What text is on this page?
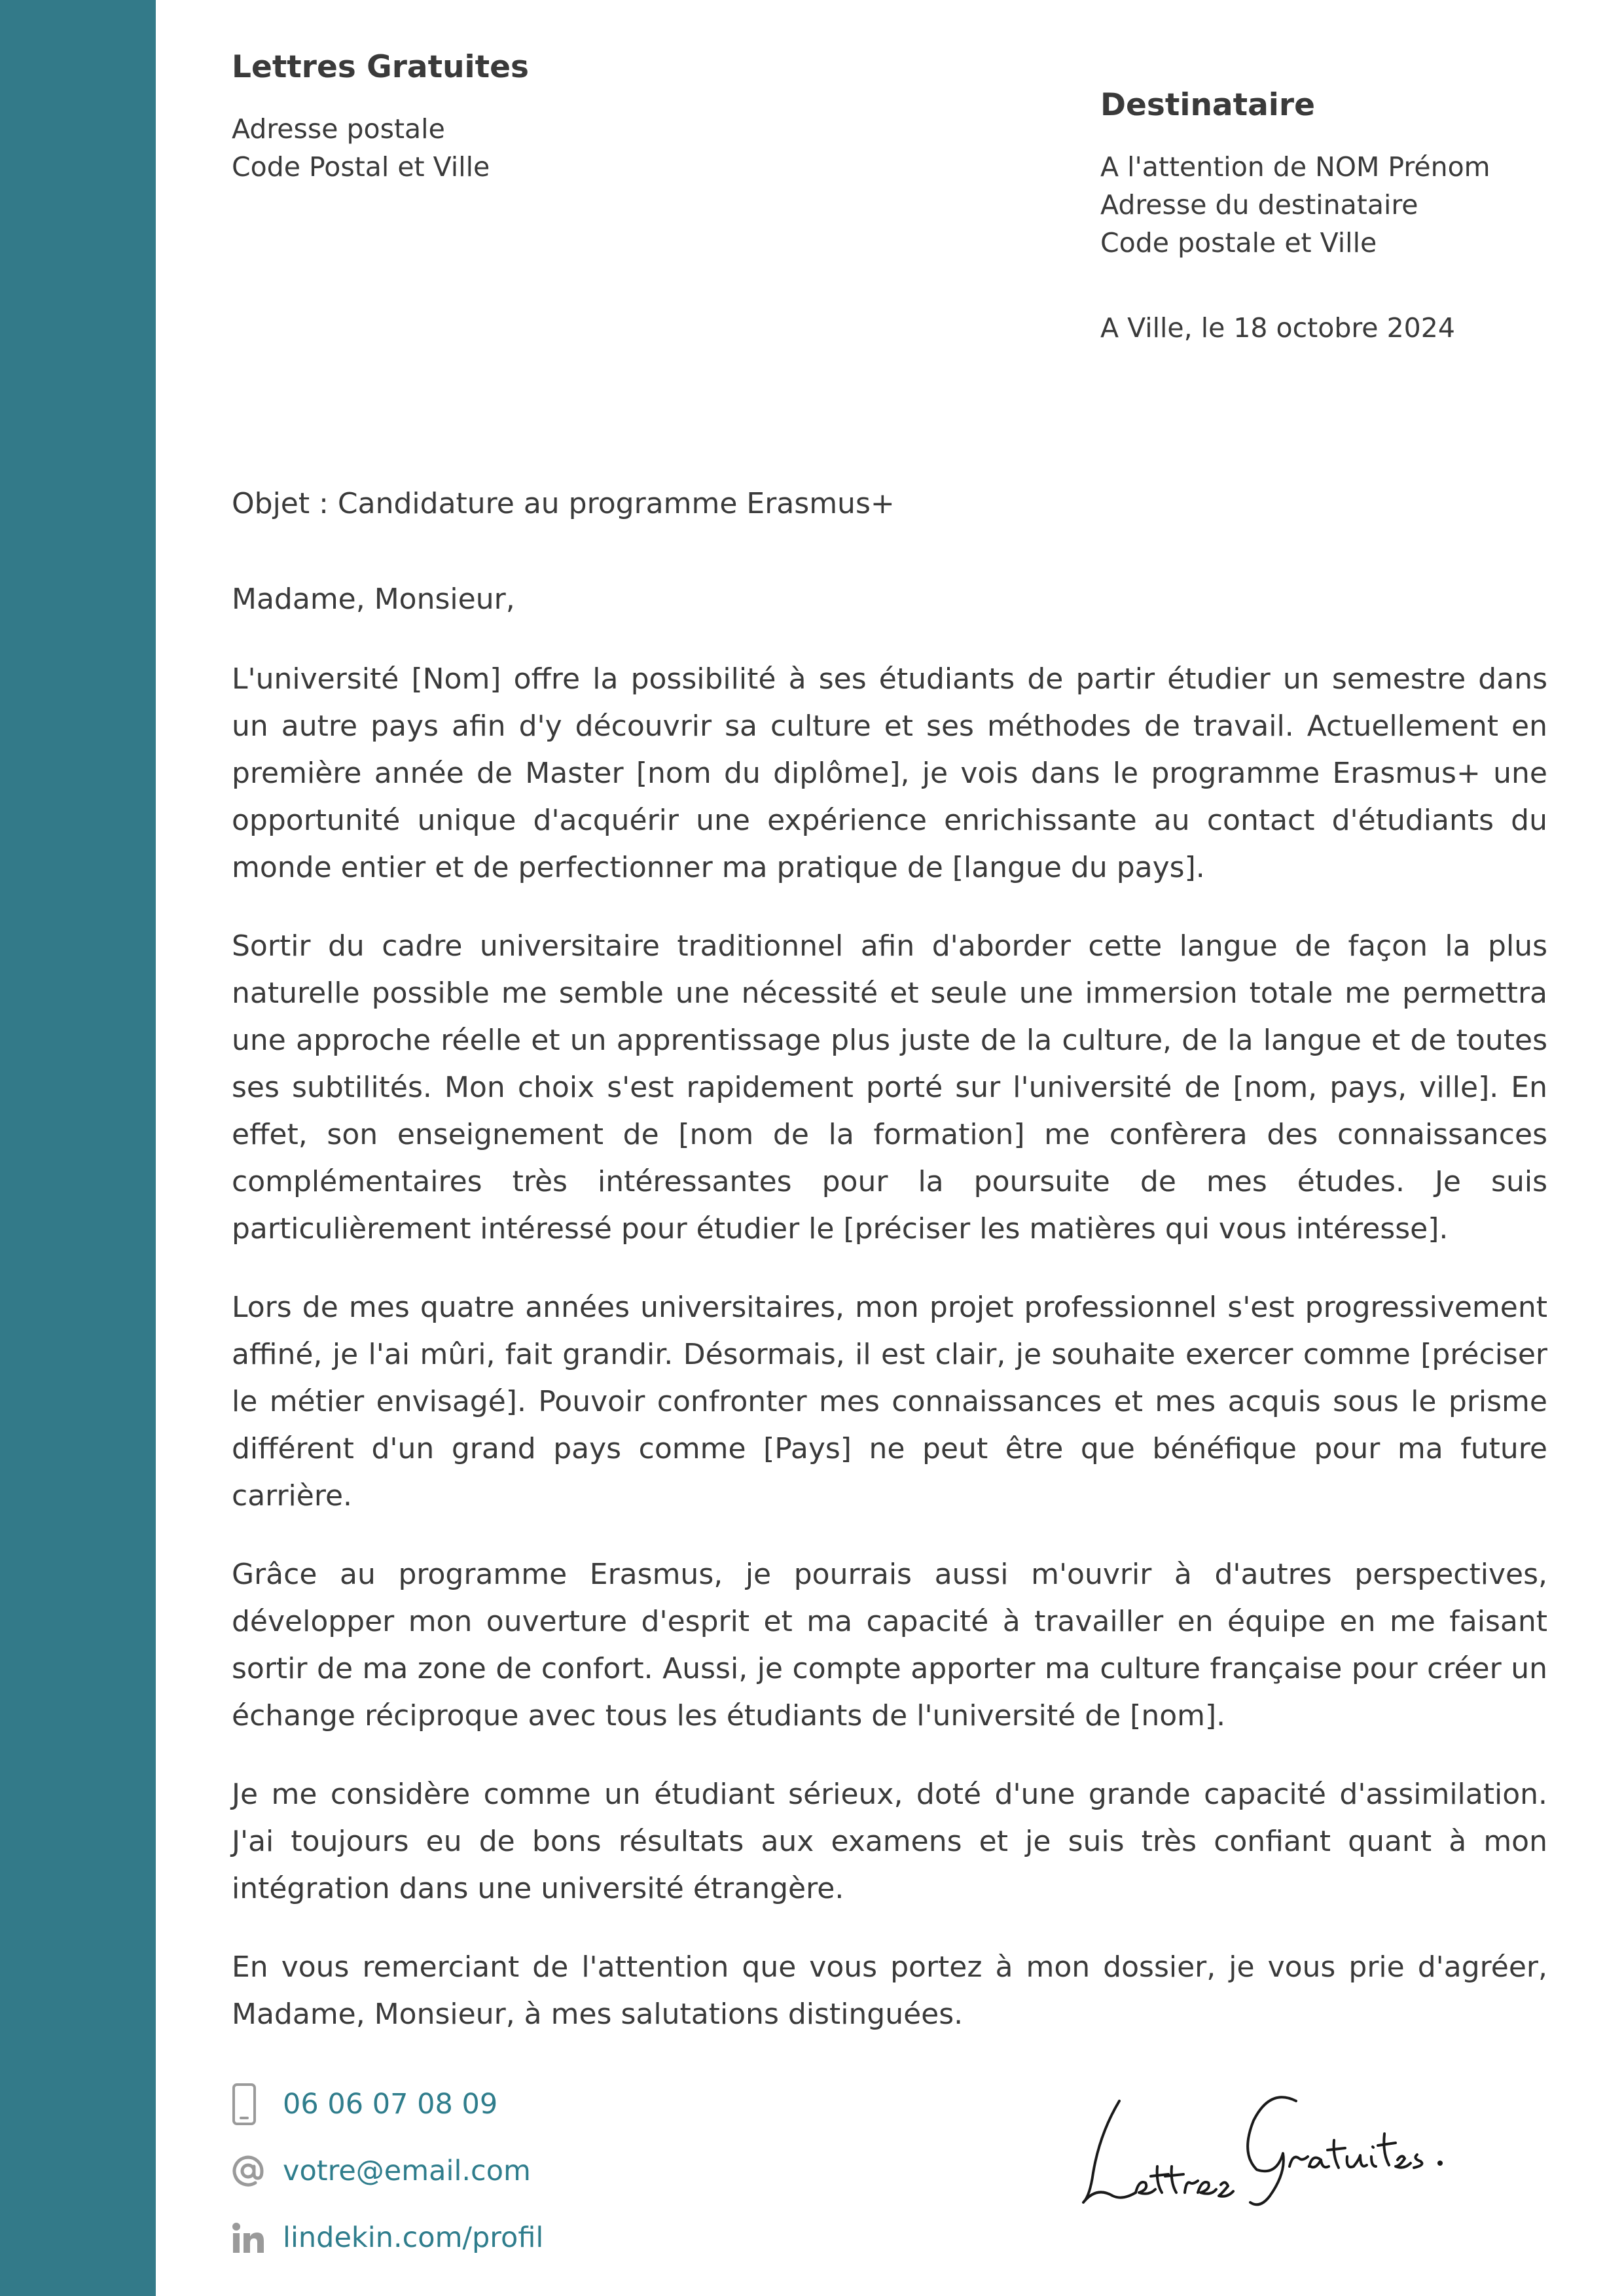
Lettres Gratuites
Adresse postale
Code Postal et Ville
Destinataire
A l'attention de NOM Prénom
Adresse du destinataire
Code postale et Ville
A Ville, le 18 octobre 2024
Objet : Candidature au programme Erasmus+
Madame, Monsieur,

L'université [Nom] offre la possibilité à ses étudiants de partir étudier un semestre dans un autre pays afin d'y découvrir sa culture et ses méthodes de travail. Actuellement en première année de Master [nom du diplôme], je vois dans le programme Erasmus+ une opportunité unique d'acquérir une expérience enrichissante au contact d'étudiants du monde entier et de perfectionner ma pratique de [langue du pays].

Sortir du cadre universitaire traditionnel afin d'aborder cette langue de façon la plus naturelle possible me semble une nécessité et seule une immersion totale me permettra une approche réelle et un apprentissage plus juste de la culture, de la langue et de toutes ses subtilités. Mon choix s'est rapidement porté sur l'université de [nom, pays, ville]. En effet, son enseignement de [nom de la formation] me confèrera des connaissances complémentaires très intéressantes pour la poursuite de mes études. Je suis particulièrement intéressé pour étudier le [préciser les matières qui vous intéresse].

Lors de mes quatre années universitaires, mon projet professionnel s'est progressivement affiné, je l'ai mûri, fait grandir. Désormais, il est clair, je souhaite exercer comme [préciser le métier envisagé]. Pouvoir confronter mes connaissances et mes acquis sous le prisme différent d'un grand pays comme [Pays] ne peut être que bénéfique pour ma future carrière.

Grâce au programme Erasmus, je pourrais aussi m'ouvrir à d'autres perspectives, développer mon ouverture d'esprit et ma capacité à travailler en équipe en me faisant sortir de ma zone de confort. Aussi, je compte apporter ma culture française pour créer un échange réciproque avec tous les étudiants de l'université de [nom].

Je me considère comme un étudiant sérieux, doté d'une grande capacité d'assimilation. J'ai toujours eu de bons résultats aux examens et je suis très confiant quant à mon intégration dans une université étrangère.

En vous remerciant de l'attention que vous portez à mon dossier, je vous prie d'agréer, Madame, Monsieur, à mes salutations distinguées.

06 06 07 08 09
votre@email.com
lindekin.com/profil
